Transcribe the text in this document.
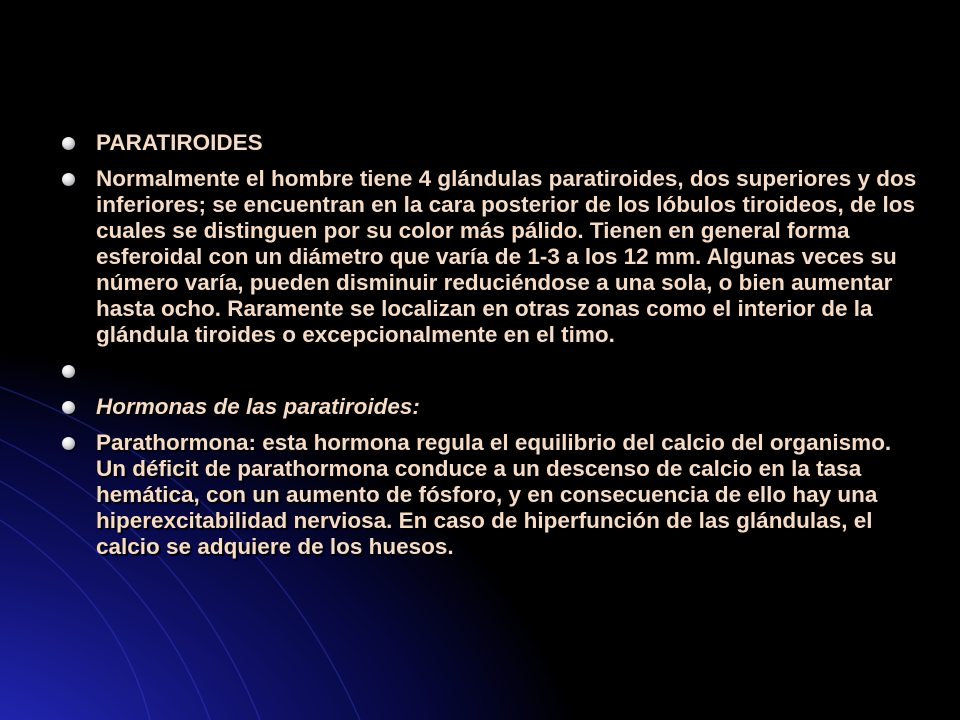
PARATIROIDES
Normalmente el hombre tiene 4 glándulas paratiroides, dos superiores y dos inferiores; se encuentran en la cara posterior de los lóbulos tiroideos, de los cuales se distinguen por su color más pálido. Tienen en general forma esferoidal con un diámetro que varía de 1-3 a los 12 mm. Algunas veces su número varía, pueden disminuir reduciéndose a una sola, o bien aumentar hasta ocho. Raramente se localizan en otras zonas como el interior de la glándula tiroides o excepcionalmente en el timo.
Hormonas de las paratiroides:
Parathormona: esta hormona regula el equilibrio del calcio del organismo. Un déficit de parathormona conduce a un descenso de calcio en la tasa hemática, con un aumento de fósforo, y en consecuencia de ello hay una hiperexcitabilidad nerviosa. En caso de hiperfunción de las glándulas, el calcio se adquiere de los huesos.
